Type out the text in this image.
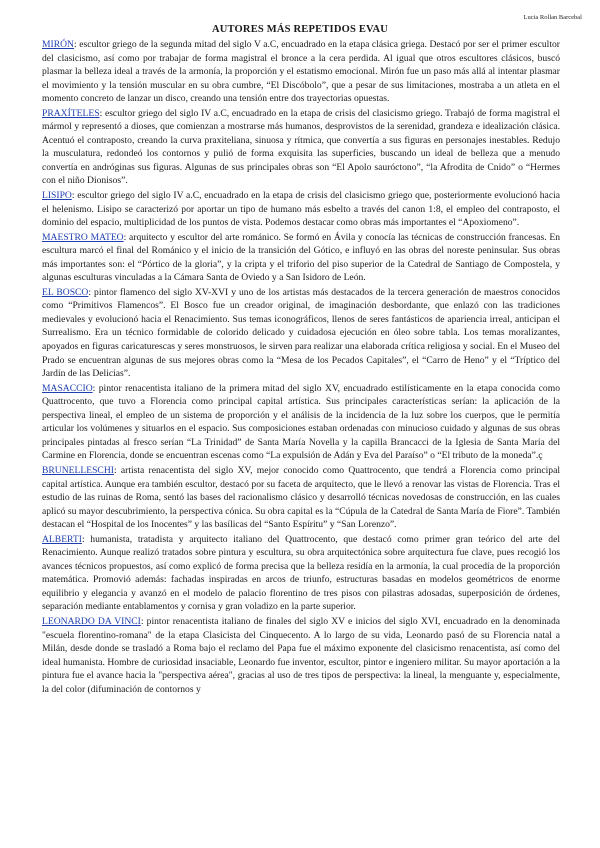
Lucia Rollan Barcebal
AUTORES MÁS REPETIDOS EVAU
MIRÓN: escultor griego de la segunda mitad del siglo V a.C, encuadrado en la etapa clásica griega. Destacó por ser el primer escultor del clasicismo, así como por trabajar de forma magistral el bronce a la cera perdida. Al igual que otros escultores clásicos, buscó plasmar la belleza ideal a través de la armonía, la proporción y el estatismo emocional. Mirón fue un paso más allá al intentar plasmar el movimiento y la tensión muscular en su obra cumbre, “El Discóbolo”, que a pesar de sus limitaciones, mostraba a un atleta en el momento concreto de lanzar un disco, creando una tensión entre dos trayectorias opuestas.
PRAXÍTELES: escultor griego del siglo IV a.C, encuadrado en la etapa de crisis del clasicismo griego. Trabajó de forma magistral el mármol y representó a dioses, que comienzan a mostrarse más humanos, desprovistos de la serenidad, grandeza e idealización clásica. Acentuó el contraposto, creando la curva praxiteliana, sinuosa y rítmica, que convertía a sus figuras en personajes inestables. Redujo la musculatura, redondeó los contornos y pulió de forma exquisita las superficies, buscando un ideal de belleza que a menudo convertía en andróginas sus figuras. Algunas de sus principales obras son “El Apolo sauróctono”, “la Afrodita de Cnido” o “Hermes con el niño Dionisos”.
LISIPO: escultor griego del siglo IV a.C, encuadrado en la etapa de crisis del clasicismo griego que, posteriormente evolucionó hacia el helenismo. Lisipo se caracterizó por aportar un tipo de humano más esbelto a través del canon 1:8, el empleo del contraposto, el dominio del espacio, multiplicidad de los puntos de vista. Podemos destacar como obras más importantes el “Apoxiomeno”.
MAESTRO MATEO: arquitecto y escultor del arte románico. Se formó en Ávila y conocía las técnicas de construcción francesas. En escultura marcó el final del Románico y el inicio de la transición del Gótico, e influyó en las obras del noreste peninsular. Sus obras más importantes son: el “Pórtico de la gloria”, y la cripta y el triforio del piso superior de la Catedral de Santiago de Compostela, y algunas esculturas vinculadas a la Cámara Santa de Oviedo y a San Isidoro de León.
EL BOSCO: pintor flamenco del siglo XV-XVI y uno de los artistas más destacados de la tercera generación de maestros conocidos como “Primitivos Flamencos”. El Bosco fue un creador original, de imaginación desbordante, que enlazó con las tradiciones medievales y evolucionó hacia el Renacimiento. Sus temas iconográficos, llenos de seres fantásticos de apariencia irreal, anticipan el Surrealismo. Era un técnico formidable de colorido delicado y cuidadosa ejecución en óleo sobre tabla. Los temas moralizantes, apoyados en figuras caricaturescas y seres monstruosos, le sirven para realizar una elaborada crítica religiosa y social. En el Museo del Prado se encuentran algunas de sus mejores obras como la “Mesa de los Pecados Capitales”, el “Carro de Heno” y el “Tríptico del Jardín de las Delicias”.
MASACCIO: pintor renacentista italiano de la primera mitad del siglo XV, encuadrado estilísticamente en la etapa conocida como Quattrocento, que tuvo a Florencia como principal capital artística. Sus principales características serían: la aplicación de la perspectiva lineal, el empleo de un sistema de proporción y el análisis de la incidencia de la luz sobre los cuerpos, que le permitía articular los volúmenes y situarlos en el espacio. Sus composiciones estaban ordenadas con minucioso cuidado y algunas de sus obras principales pintadas al fresco serían “La Trinidad” de Santa María Novella y la capilla Brancacci de la Iglesia de Santa María del Carmine en Florencia, donde se encuentran escenas como “La expulsión de Adán y Eva del Paraíso” o “El tributo de la moneda”.ç
BRUNELLESCHI: artista renacentista del siglo XV, mejor conocido como Quattrocento, que tendrá a Florencia como principal capital artística. Aunque era también escultor, destacó por su faceta de arquitecto, que le llevó a renovar las vistas de Florencia. Tras el estudio de las ruinas de Roma, sentó las bases del racionalismo clásico y desarrolló técnicas novedosas de construcción, en las cuales aplicó su mayor descubrimiento, la perspectiva cónica. Su obra capital es la “Cúpula de la Catedral de Santa María de Fiore”. También destacan el “Hospital de los Inocentes” y las basílicas del “Santo Espíritu” y “San Lorenzo”.
ALBERTI: humanista, tratadista y arquitecto italiano del Quattrocento, que destacó como primer gran teórico del arte del Renacimiento. Aunque realizó tratados sobre pintura y escultura, su obra arquitectónica sobre arquitectura fue clave, pues recogió los avances técnicos propuestos, así como explicó de forma precisa que la belleza residía en la armonía, la cual procedía de la proporción matemática. Promovió además: fachadas inspiradas en arcos de triunfo, estructuras basadas en modelos geométricos de enorme equilibrio y elegancia y avanzó en el modelo de palacio florentino de tres pisos con pilastras adosadas, superposición de órdenes, separación mediante entablamentos y cornisa y gran voladizo en la parte superior.
LEONARDO DA VINCI: pintor renacentista italiano de finales del siglo XV e inicios del siglo XVI, encuadrado en la denominada "escuela florentino-romana" de la etapa Clasicista del Cinquecento. A lo largo de su vida, Leonardo pasó de su Florencia natal a Milán, desde donde se trasladó a Roma bajo el reclamo del Papa fue el máximo exponente del clasicismo renacentista, así como del ideal humanista. Hombre de curiosidad insaciable, Leonardo fue inventor, escultor, pintor e ingeniero militar. Su mayor aportación a la pintura fue el avance hacia la "perspectiva aérea", gracias al uso de tres tipos de perspectiva: la lineal, la menguante y, especialmente, la del color (difuminación de contornos y
